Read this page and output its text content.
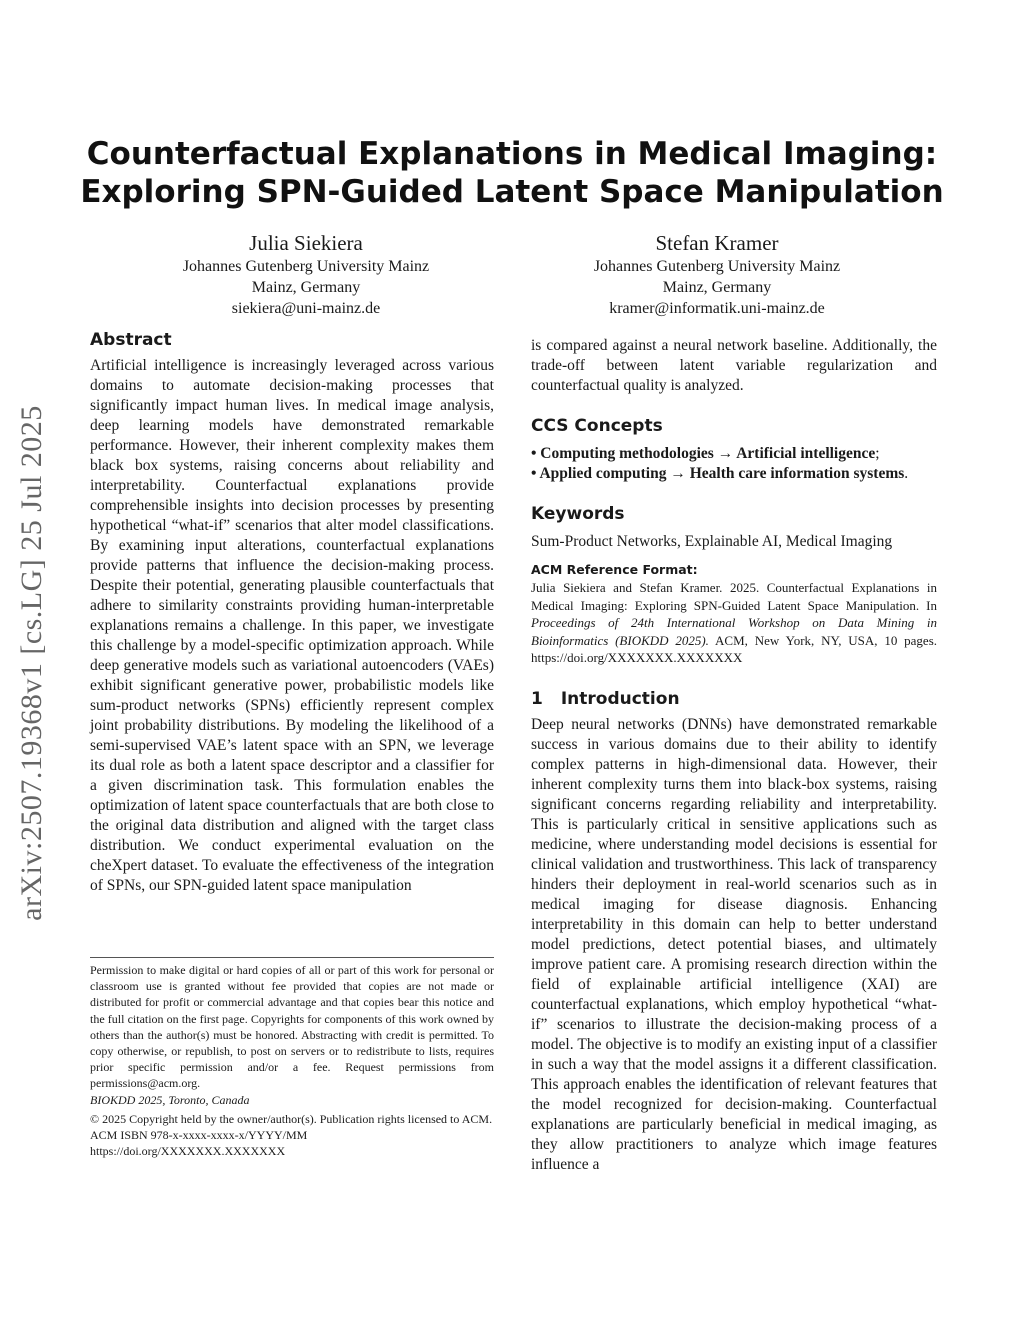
arXiv:2507.19368v1 [cs.LG] 25 Jul 2025
Counterfactual Explanations in Medical Imaging:
Exploring SPN-Guided Latent Space Manipulation
Julia Siekiera
Johannes Gutenberg University Mainz
Mainz, Germany
siekiera@uni-mainz.de
Stefan Kramer
Johannes Gutenberg University Mainz
Mainz, Germany
kramer@informatik.uni-mainz.de
Abstract

Artificial intelligence is increasingly leveraged across various domains to automate decision-making processes that significantly impact human lives. In medical image analysis, deep learning models have demonstrated remarkable performance. However, their inherent complexity makes them black box systems, raising concerns about reliability and interpretability. Counterfactual explanations provide comprehensible insights into decision processes by presenting hypothetical “what-if” scenarios that alter model classifications. By examining input alterations, counterfactual explanations provide patterns that influence the decision-making process. Despite their potential, generating plausible counterfactuals that adhere to similarity constraints providing human-interpretable explanations remains a challenge. In this paper, we investigate this challenge by a model-specific optimization approach. While deep generative models such as variational autoencoders (VAEs) exhibit significant generative power, probabilistic models like sum-product networks (SPNs) efficiently represent complex joint probability distributions. By modeling the likelihood of a semi-supervised VAE’s latent space with an SPN, we leverage its dual role as both a latent space descriptor and a classifier for a given discrimination task. This formulation enables the optimization of latent space counterfactuals that are both close to the original data distribution and aligned with the target class distribution. We conduct experimental evaluation on the cheXpert dataset. To evaluate the effectiveness of the integration of SPNs, our SPN-guided latent space manipulation

Permission to make digital or hard copies of all or part of this work for personal or classroom use is granted without fee provided that copies are not made or distributed for profit or commercial advantage and that copies bear this notice and the full citation on the first page. Copyrights for components of this work owned by others than the author(s) must be honored. Abstracting with credit is permitted. To copy otherwise, or republish, to post on servers or to redistribute to lists, requires prior specific permission and/or a fee. Request permissions from permissions@acm.org.
BIOKDD 2025, Toronto, Canada
© 2025 Copyright held by the owner/author(s). Publication rights licensed to ACM.
ACM ISBN 978-x-xxxx-xxxx-x/YYYY/MM
https://doi.org/XXXXXXX.XXXXXXX

is compared against a neural network baseline. Additionally, the trade-off between latent variable regularization and counterfactual quality is analyzed.

CCS Concepts

• Computing methodologies → Artificial intelligence;

• Applied computing → Health care information systems.

Keywords

Sum-Product Networks, Explainable AI, Medical Imaging

ACM Reference Format:

Julia Siekiera and Stefan Kramer. 2025. Counterfactual Explanations in Medical Imaging: Exploring SPN-Guided Latent Space Manipulation. In Proceedings of 24th International Workshop on Data Mining in Bioinformatics (BIOKDD 2025). ACM, New York, NY, USA, 10 pages. https://doi.org/XXXXXXX.XXXXXXX

1 Introduction

Deep neural networks (DNNs) have demonstrated remarkable success in various domains due to their ability to identify complex patterns in high-dimensional data. However, their inherent complexity turns them into black-box systems, raising significant concerns regarding reliability and interpretability. This is particularly critical in sensitive applications such as medicine, where understanding model decisions is essential for clinical validation and trustworthiness. This lack of transparency hinders their deployment in real-world scenarios such as in medical imaging for disease diagnosis. Enhancing interpretability in this domain can help to better understand model predictions, detect potential biases, and ultimately improve patient care. A promising research direction within the field of explainable artificial intelligence (XAI) are counterfactual explanations, which employ hypothetical “what-if” scenarios to illustrate the decision-making process of a model. The objective is to modify an existing input of a classifier in such a way that the model assigns it a different classification. This approach enables the identification of relevant features that the model recognized for decision-making. Counterfactual explanations are particularly beneficial in medical imaging, as they allow practitioners to analyze which image features influence a
